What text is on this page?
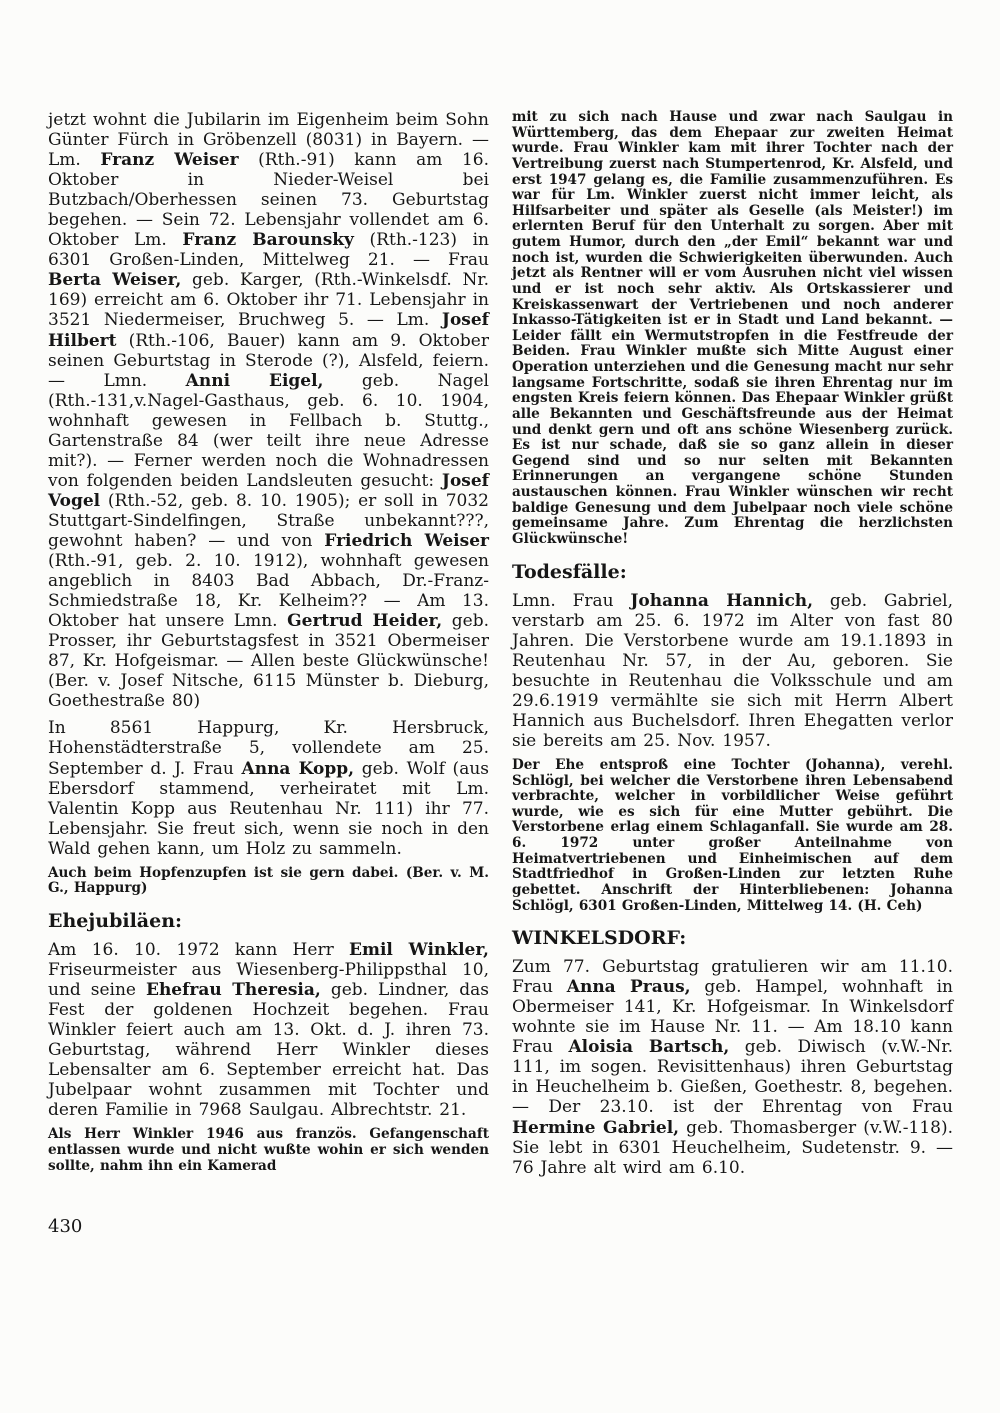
jetzt wohnt die Jubilarin im Eigenheim beim Sohn Günter Fürch in Gröbenzell (8031) in Bayern. — Lm. Franz Weiser (Rth.-91) kann am 16. Oktober in Nieder-Weisel bei Butzbach/Oberhessen seinen 73. Geburtstag begehen. — Sein 72. Lebensjahr vollendet am 6. Oktober Lm. Franz Barounsky (Rth.-123) in 6301 Großen-Linden, Mittelweg 21. — Frau Berta Weiser, geb. Karger, (Rth.-Winkelsdf. Nr. 169) erreicht am 6. Oktober ihr 71. Lebensjahr in 3521 Niedermeiser, Bruchweg 5. — Lm. Josef Hilbert (Rth.-106, Bauer) kann am 9. Oktober seinen Geburtstag in Sterode (?), Alsfeld, feiern. — Lmn. Anni Eigel, geb. Nagel (Rth.-131,v.Nagel-Gasthaus, geb. 6. 10. 1904, wohnhaft gewesen in Fellbach b. Stuttg., Gartenstraße 84 (wer teilt ihre neue Adresse mit?). — Ferner werden noch die Wohnadressen von folgenden beiden Landsleuten gesucht: Josef Vogel (Rth.-52, geb. 8. 10. 1905); er soll in 7032 Stuttgart-Sindelfingen, Straße unbekannt???, gewohnt haben? — und von Friedrich Weiser (Rth.-91, geb. 2. 10. 1912), wohnhaft gewesen angeblich in 8403 Bad Abbach, Dr.-Franz-Schmiedstraße 18, Kr. Kelheim?? — Am 13. Oktober hat unsere Lmn. Gertrud Heider, geb. Prosser, ihr Geburtstagsfest in 3521 Obermeiser 87, Kr. Hofgeismar. — Allen beste Glückwünsche! (Ber. v. Josef Nitsche, 6115 Münster b. Dieburg, Goethestraße 80)

In 8561 Happurg, Kr. Hersbruck, Hohenstädterstraße 5, vollendete am 25. September d. J. Frau Anna Kopp, geb. Wolf (aus Ebersdorf stammend, verheiratet mit Lm. Valentin Kopp aus Reutenhau Nr. 111) ihr 77. Lebensjahr. Sie freut sich, wenn sie noch in den Wald gehen kann, um Holz zu sammeln.

Auch beim Hopfenzupfen ist sie gern dabei. (Ber. v. M. G., Happurg)

Ehejubiläen:

Am 16. 10. 1972 kann Herr Emil Winkler, Friseurmeister aus Wiesenberg-Philippsthal 10, und seine Ehefrau Theresia, geb. Lindner, das Fest der goldenen Hochzeit begehen. Frau Winkler feiert auch am 13. Okt. d. J. ihren 73. Geburtstag, während Herr Winkler dieses Lebensalter am 6. September erreicht hat. Das Jubelpaar wohnt zusammen mit Tochter und deren Familie in 7968 Saulgau. Albrechtstr. 21.

Als Herr Winkler 1946 aus französ. Gefangenschaft entlassen wurde und nicht wußte wohin er sich wenden sollte, nahm ihn ein Kamerad

430

mit zu sich nach Hause und zwar nach Saulgau in Württemberg, das dem Ehepaar zur zweiten Heimat wurde. Frau Winkler kam mit ihrer Tochter nach der Vertreibung zuerst nach Stumpertenrod, Kr. Alsfeld, und erst 1947 gelang es, die Familie zusammenzuführen. Es war für Lm. Winkler zuerst nicht immer leicht, als Hilfsarbeiter und später als Geselle (als Meister!) im erlernten Beruf für den Unterhalt zu sorgen. Aber mit gutem Humor, durch den „der Emil“ bekannt war und noch ist, wurden die Schwierigkeiten überwunden. Auch jetzt als Rentner will er vom Ausruhen nicht viel wissen und er ist noch sehr aktiv. Als Ortskassierer und Kreiskassenwart der Vertriebenen und noch anderer Inkasso-Tätigkeiten ist er in Stadt und Land bekannt. — Leider fällt ein Wermutstropfen in die Festfreude der Beiden. Frau Winkler mußte sich Mitte August einer Operation unterziehen und die Genesung macht nur sehr langsame Fortschritte, sodaß sie ihren Ehrentag nur im engsten Kreis feiern können. Das Ehepaar Winkler grüßt alle Bekannten und Geschäftsfreunde aus der Heimat und denkt gern und oft ans schöne Wiesenberg zurück. Es ist nur schade, daß sie so ganz allein in dieser Gegend sind und so nur selten mit Bekannten Erinnerungen an vergangene schöne Stunden austauschen können. Frau Winkler wünschen wir recht baldige Genesung und dem Jubelpaar noch viele schöne gemeinsame Jahre. Zum Ehrentag die herzlichsten Glückwünsche!

Todesfälle:

Lmn. Frau Johanna Hannich, geb. Gabriel, verstarb am 25. 6. 1972 im Alter von fast 80 Jahren. Die Verstorbene wurde am 19.1.1893 in Reutenhau Nr. 57, in der Au, geboren. Sie besuchte in Reutenhau die Volksschule und am 29.6.1919 vermählte sie sich mit Herrn Albert Hannich aus Buchelsdorf. Ihren Ehegatten verlor sie bereits am 25. Nov. 1957.

Der Ehe entsproß eine Tochter (Johanna), verehl. Schlögl, bei welcher die Verstorbene ihren Lebensabend verbrachte, welcher in vorbildlicher Weise geführt wurde, wie es sich für eine Mutter gebührt. Die Verstorbene erlag einem Schlaganfall. Sie wurde am 28. 6. 1972 unter großer Anteilnahme von Heimatvertriebenen und Einheimischen auf dem Stadtfriedhof in Großen-Linden zur letzten Ruhe gebettet. Anschrift der Hinterbliebenen: Johanna Schlögl, 6301 Großen-Linden, Mittelweg 14. (H. Ceh)

WINKELSDORF:

Zum 77. Geburtstag gratulieren wir am 11.10. Frau Anna Praus, geb. Hampel, wohnhaft in Obermeiser 141, Kr. Hofgeismar. In Winkelsdorf wohnte sie im Hause Nr. 11. — Am 18.10 kann Frau Aloisia Bartsch, geb. Diwisch (v.W.-Nr. 111, im sogen. Revisittenhaus) ihren Geburtstag in Heuchelheim b. Gießen, Goethestr. 8, begehen. — Der 23.10. ist der Ehrentag von Frau Hermine Gabriel, geb. Thomasberger (v.W.-118). Sie lebt in 6301 Heuchelheim, Sudetenstr. 9. — 76 Jahre alt wird am 6.10.
